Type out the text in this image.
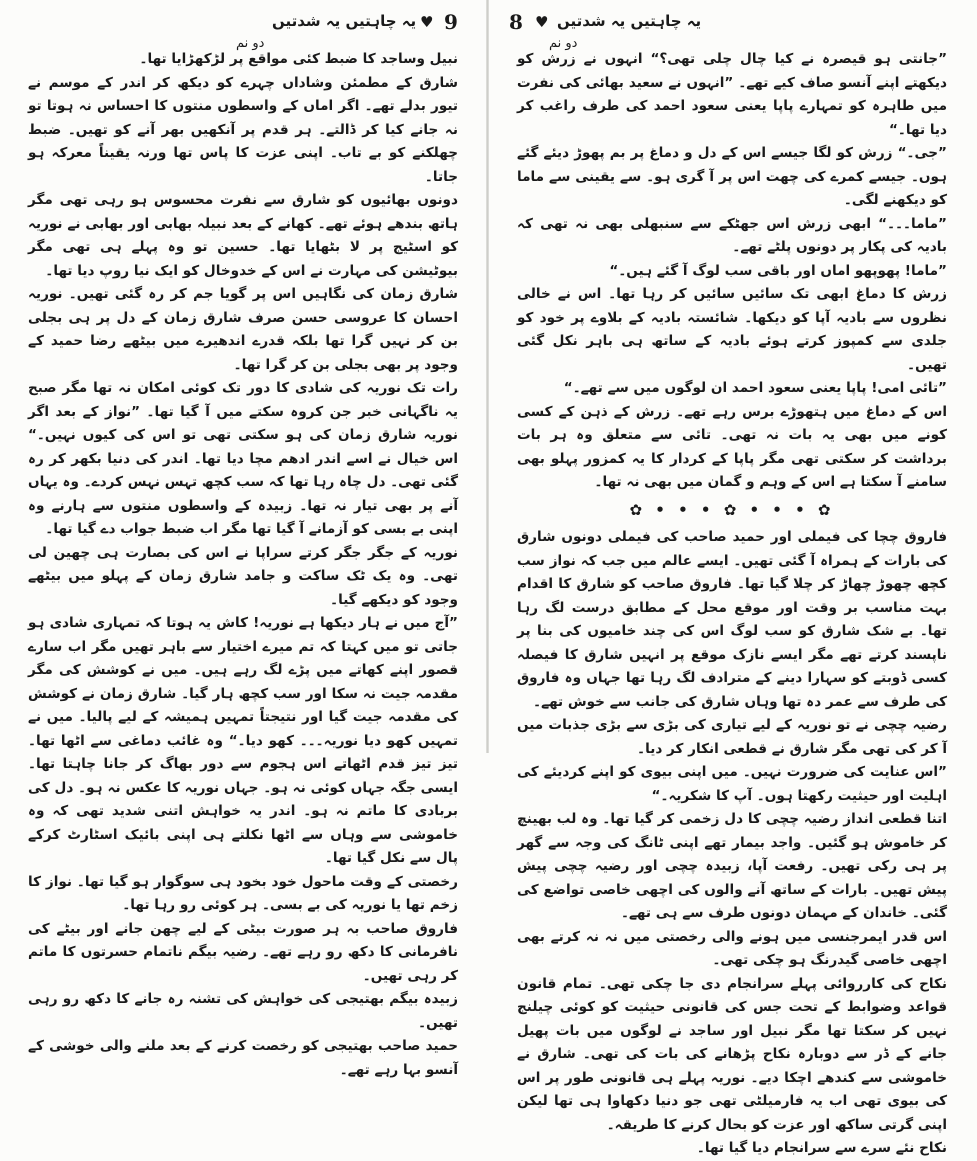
8 ♥ یہ چاہتیں یہ شدتیں
دو نم

”جانتی ہو قیصرہ نے کیا چال چلی تھی؟“ انہوں نے زرش کو دیکھتے اپنے آنسو صاف کیے تھے۔ ”انہوں نے سعید بھائی کی نفرت میں طاہرہ کو تمہارے پاپا یعنی سعود احمد کی طرف راغب کر دیا تھا۔“

”جی۔“ زرش کو لگا جیسے اس کے دل و دماغ پر بم پھوڑ دیئے گئے ہوں۔ جیسے کمرے کی چھت اس پر آ گری ہو۔ سے یقینی سے ماما کو دیکھنے لگی۔

”ماما۔۔۔“ ابھی زرش اس جھٹکے سے سنبھلی بھی نہ تھی کہ بادیہ کی پکار پر دونوں پلٹے تھے۔

”ماما! پھوپھو اماں اور باقی سب لوگ آ گئے ہیں۔“

زرش کا دماغ ابھی تک سائیں سائیں کر رہا تھا۔ اس نے خالی نظروں سے بادیہ آپا کو دیکھا۔ شائستہ بادیہ کے بلاوے پر خود کو جلدی سے کمپوز کرتے ہوئے بادیہ کے ساتھ ہی باہر نکل گئی تھیں۔

”تائی امی! پاپا یعنی سعود احمد ان لوگوں میں سے تھے۔“

اس کے دماغ میں ہتھوڑے برس رہے تھے۔ زرش کے ذہن کے کسی کونے میں بھی یہ بات نہ تھی۔ تائی سے متعلق وہ ہر بات برداشت کر سکتی تھی مگر پاپا کے کردار کا یہ کمزور پہلو بھی سامنے آ سکتا ہے اس کے وہم و گمان میں بھی نہ تھا۔

✿ • • • ✿ • • • ✿

فاروق چچا کی فیملی اور حمید صاحب کی فیملی دونوں شارق کی بارات کے ہمراہ آ گئی تھیں۔ ایسے عالم میں جب کہ نواز سب کچھ چھوڑ چھاڑ کر چلا گیا تھا۔ فاروق صاحب کو شارق کا اقدام بہت مناسب بر وقت اور موقع محل کے مطابق درست لگ رہا تھا۔ بے شک شارق کو سب لوگ اس کی چند خامیوں کی بنا پر ناپسند کرتے تھے مگر ایسے نازک موقع پر انہیں شارق کا فیصلہ کسی ڈوبتے کو سہارا دینے کے مترادف لگ رہا تھا جہاں وہ فاروق کی طرف سے عمر دہ تھا وہاں شارق کی جانب سے خوش تھے۔

رضیہ چچی نے تو نوریہ کے لیے تیاری کی بڑی سے بڑی جذبات میں آ کر کی تھی مگر شارق نے قطعی انکار کر دیا۔

”اس عنایت کی ضرورت نہیں۔ میں اپنی بیوی کو اپنے کردیئے کی اہلیت اور حیثیت رکھتا ہوں۔ آپ کا شکریہ۔“

اتنا قطعی انداز رضیہ چچی کا دل زخمی کر گیا تھا۔ وہ لب بھینچ کر خاموش ہو گئیں۔ واجد بیمار تھے اپنی ٹانگ کی وجہ سے گھر پر ہی رکی تھیں۔ رفعت آپا، زبیدہ چچی اور رضیہ چچی پیش پیش تھیں۔ بارات کے ساتھ آنے والوں کی اچھی خاصی تواضع کی گئی۔ خاندان کے مہمان دونوں طرف سے ہی تھے۔

اس قدر ایمرجنسی میں ہونے والی رخصتی میں نہ نہ کرتے بھی اچھی خاصی گیدرنگ ہو چکی تھی۔

نکاح کی کارروائی پہلے سرانجام دی جا چکی تھی۔ تمام قانون قواعد وضوابط کے تحت جس کی قانونی حیثیت کو کوئی چیلنج نہیں کر سکتا تھا مگر نبیل اور ساجد نے لوگوں میں بات پھیل جانے کے ڈر سے دوبارہ نکاح پڑھانے کی بات کی تھی۔ شارق نے خاموشی سے کندھے اچکا دیے۔ نوریہ پہلے ہی قانونی طور پر اس کی بیوی تھی اب یہ فارمیلٹی تھی جو دنیا دکھاوا ہی تھا لیکن اپنی گرتی ساکھ اور عزت کو بحال کرنے کا طریقہ۔

نکاح نئے سرے سے سرانجام دیا گیا تھا۔

9
♥
یہ چاہتیں یہ شدتیں
دو نم

نبیل وساجد کا ضبط کئی مواقع پر لڑکھڑایا تھا۔

شارق کے مطمئن وشاداں چہرے کو دیکھ کر اندر کے موسم نے تیور بدلے تھے۔ اگر اماں کے واسطوں منتوں کا احساس نہ ہوتا تو نہ جانے کیا کر ڈالتے۔ ہر قدم پر آنکھیں بھر آنے کو تھیں۔ ضبط چھلکنے کو بے تاب۔ اپنی عزت کا پاس تھا ورنہ یقیناً معرکہ ہو جاتا۔

دونوں بھائیوں کو شارق سے نفرت محسوس ہو رہی تھی مگر ہاتھ بندھے ہوئے تھے۔ کھانے کے بعد نبیلہ بھابی اور بھابی نے نوریہ کو اسٹیج پر لا بٹھایا تھا۔ حسین تو وہ پہلے ہی تھی مگر بیوٹیشن کی مہارت نے اس کے خدوخال کو ایک نیا روپ دیا تھا۔

شارق زمان کی نگاہیں اس پر گویا جم کر رہ گئی تھیں۔ نوریہ احسان کا عروسی حسن صرف شارق زمان کے دل پر ہی بجلی بن کر نہیں گرا تھا بلکہ قدرے اندھیرے میں بیٹھے رضا حمید کے وجود پر بھی بجلی بن کر گرا تھا۔

رات تک نوریہ کی شادی کا دور تک کوئی امکان نہ تھا مگر صبح یہ ناگہانی خبر جن کروہ سکتے میں آ گیا تھا۔ ”نواز کے بعد اگر نوریہ شارق زمان کی ہو سکتی تھی تو اس کی کیوں نہیں۔“ اس خیال نے اسے اندر ادھم مچا دیا تھا۔ اندر کی دنیا بکھر کر رہ گئی تھی۔ دل چاہ رہا تھا کہ سب کچھ تہس نہس کردے۔ وہ یہاں آنے پر بھی تیار نہ تھا۔ زبیدہ کے واسطوں منتوں سے ہارنے وہ اپنی بے بسی کو آزمانے آ گیا تھا مگر اب ضبط جواب دے گیا تھا۔

نوریہ کے جگر جگر کرتے سراپا نے اس کی بصارت ہی چھین لی تھی۔ وہ یک ٹک ساکت و جامد شارق زمان کے پہلو میں بیٹھے وجود کو دیکھے گیا۔

”آج میں نے ہار دیکھا ہے نوریہ! کاش یہ ہوتا کہ تمہاری شادی ہو جاتی تو میں کہتا کہ تم میرے اختیار سے باہر تھیں مگر اب سارے قصور اپنے کھاتے میں پڑے لگ رہے ہیں۔ میں نے کوشش کی مگر مقدمہ جیت نہ سکا اور سب کچھ ہار گیا۔ شارق زمان نے کوشش کی مقدمہ جیت گیا اور نتیجتاً تمہیں ہمیشہ کے لیے پالیا۔ میں نے تمہیں کھو دیا نوریہ۔۔۔ کھو دیا۔“ وہ غائب دماغی سے اٹھا تھا۔ تیز تیز قدم اٹھاتے اس ہجوم سے دور بھاگ کر جانا چاہتا تھا۔ ایسی جگہ جہاں کوئی نہ ہو۔ جہاں نوریہ کا عکس نہ ہو۔ دل کی بربادی کا ماتم نہ ہو۔ اندر یہ خواہش اتنی شدید تھی کہ وہ خاموشی سے وہاں سے اٹھا نکلتے ہی اپنی بائیک اسٹارٹ کرکے پال سے نکل گیا تھا۔

رخصتی کے وقت ماحول خود بخود ہی سوگوار ہو گیا تھا۔ نواز کا زخم تھا یا نوریہ کی بے بسی۔ ہر کوئی رو رہا تھا۔

فاروق صاحب بہ ہر صورت بیٹی کے لیے چھن جانے اور بیٹے کی نافرمانی کا دکھ رو رہے تھے۔ رضیہ بیگم ناتمام حسرتوں کا ماتم کر رہی تھیں۔

زبیدہ بیگم بھتیجی کی خواہش کی تشنہ رہ جانے کا دکھ رو رہی تھیں۔

حمید صاحب بھتیجی کو رخصت کرنے کے بعد ملنے والی خوشی کے آنسو بہا رہے تھے۔
